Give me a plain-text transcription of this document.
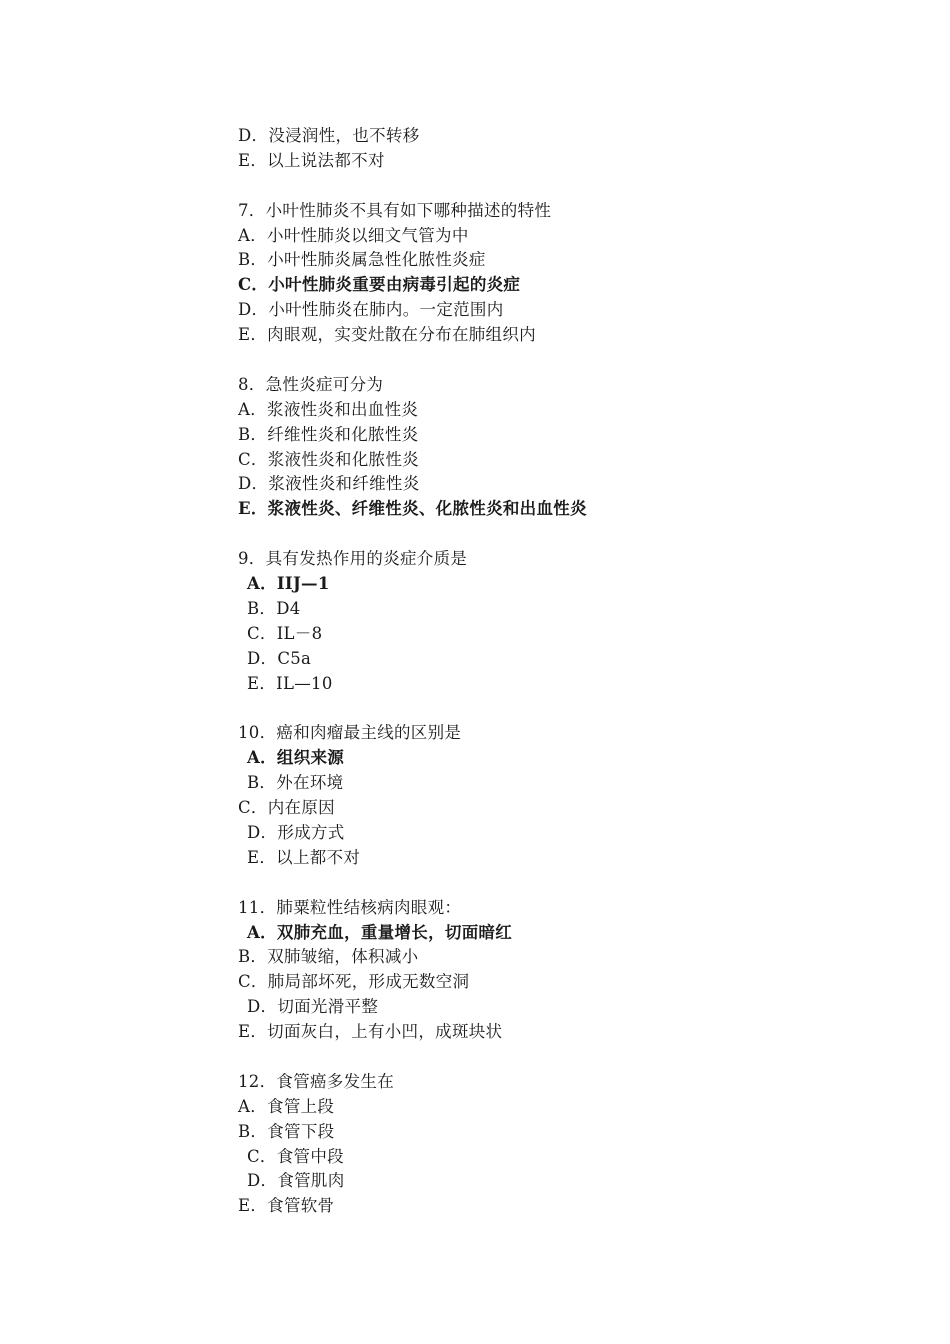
D．没浸润性，也不转移
E．以上说法都不对
7．小叶性肺炎不具有如下哪种描述的特性
A．小叶性肺炎以细文气管为中
B．小叶性肺炎属急性化脓性炎症
C．小叶性肺炎重要由病毒引起的炎症
D．小叶性肺炎在肺内。一定范围内
E．肉眼观，实变灶散在分布在肺组织内
8．急性炎症可分为
A．浆液性炎和出血性炎
B．纤维性炎和化脓性炎
C．浆液性炎和化脓性炎
D．浆液性炎和纤维性炎
E．浆液性炎、纤维性炎、化脓性炎和出血性炎
9．具有发热作用的炎症介质是
A．IIJ—1
B．D4
C．IL－8
D．C5a
E．IL—10
10．癌和肉瘤最主线的区别是
A．组织来源
B．外在环境
C．内在原因
D．形成方式
E．以上都不对
11．肺粟粒性结核病肉眼观：
A．双肺充血，重量增长，切面暗红
B．双肺皱缩，体积减小
C．肺局部坏死，形成无数空洞
D．切面光滑平整
E．切面灰白，上有小凹，成斑块状
12．食管癌多发生在
A．食管上段
B．食管下段
C．食管中段
D．食管肌肉
E．食管软骨
